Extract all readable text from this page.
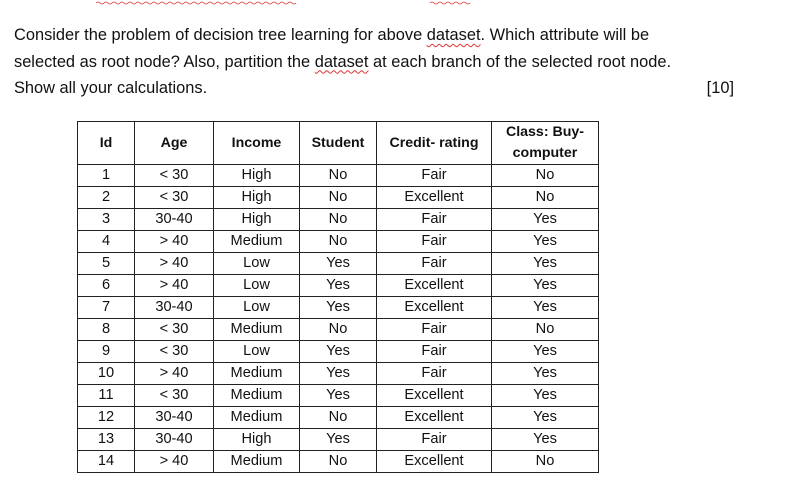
Consider the problem of decision tree learning for above dataset. Which attribute will be

selected as root node? Also, partition the dataset at each branch of the selected root node.

Show all your calculations.	[10]

Id	Age	Income	Student	Credit- rating	Class: Buy-
computer
1	< 30	High	No	Fair	No
2	< 30	High	No	Excellent	No
3	30-40	High	No	Fair	Yes
4	> 40	Medium	No	Fair	Yes
5	> 40	Low	Yes	Fair	Yes
6	> 40	Low	Yes	Excellent	Yes
7	30-40	Low	Yes	Excellent	Yes
8	< 30	Medium	No	Fair	No
9	< 30	Low	Yes	Fair	Yes
10	> 40	Medium	Yes	Fair	Yes
11	< 30	Medium	Yes	Excellent	Yes
12	30-40	Medium	No	Excellent	Yes
13	30-40	High	Yes	Fair	Yes
14	> 40	Medium	No	Excellent	No
